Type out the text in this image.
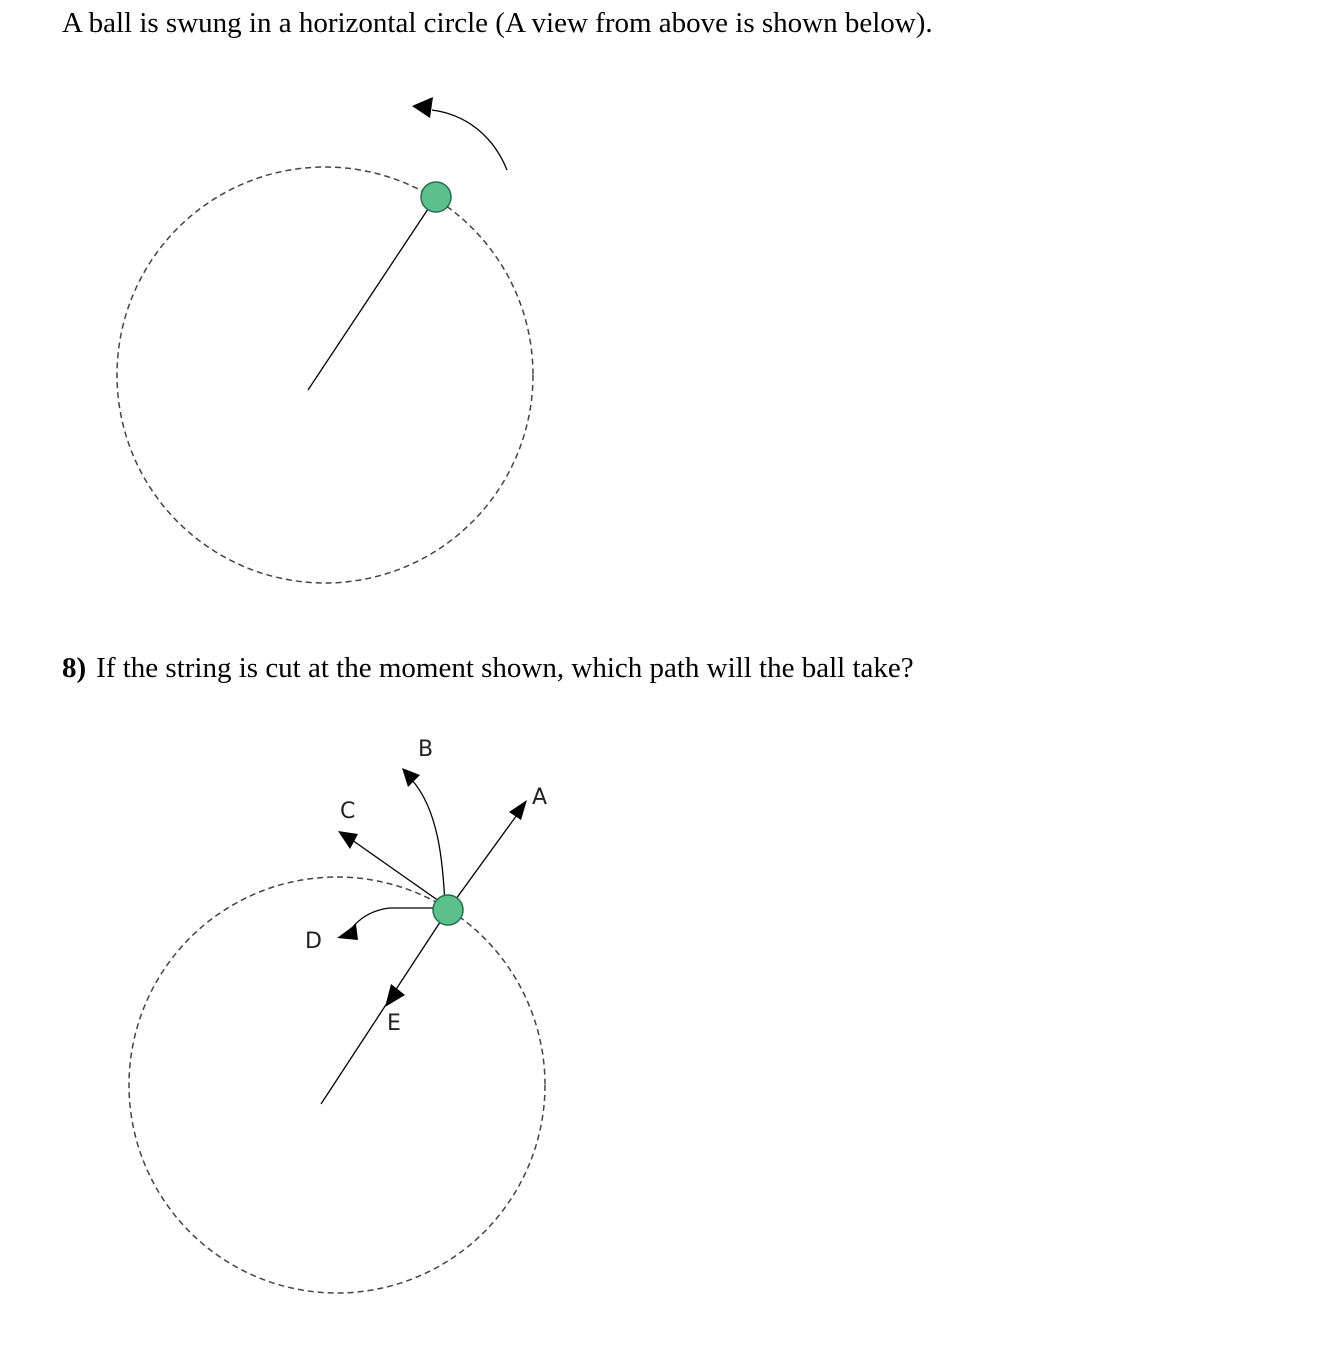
A ball is swung in a horizontal circle (A view from above is shown below).

8) If the string is cut at the moment shown, which path will the ball take?

A
B
C
D
E
